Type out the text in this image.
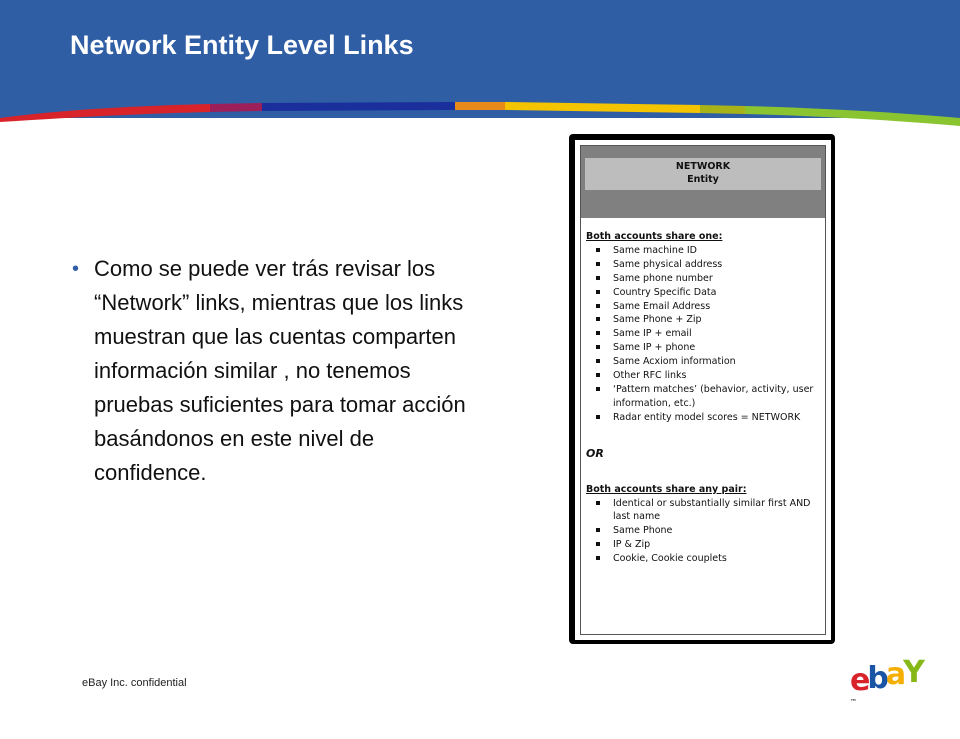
Network Entity Level Links
• Como se puede ver trás revisar los “Network” links, mientras que los links muestran que las cuentas comparten información similar , no tenemos pruebas suficientes para tomar acción basándonos en este nivel de confidence.
NETWORK
Entity
Both accounts share one:
Same machine ID
Same physical address
Same phone number
Country Specific Data
Same Email Address
Same Phone + Zip
Same IP + email
Same IP + phone
Same Acxiom information
Other RFC links
‘Pattern matches’ (behavior, activity, user information, etc.)
Radar entity model scores = NETWORK
OR
Both accounts share any pair:
Identical or substantially similar first AND last name
Same Phone
IP & Zip
Cookie, Cookie couplets
eBay Inc. confidential	ebaY™
